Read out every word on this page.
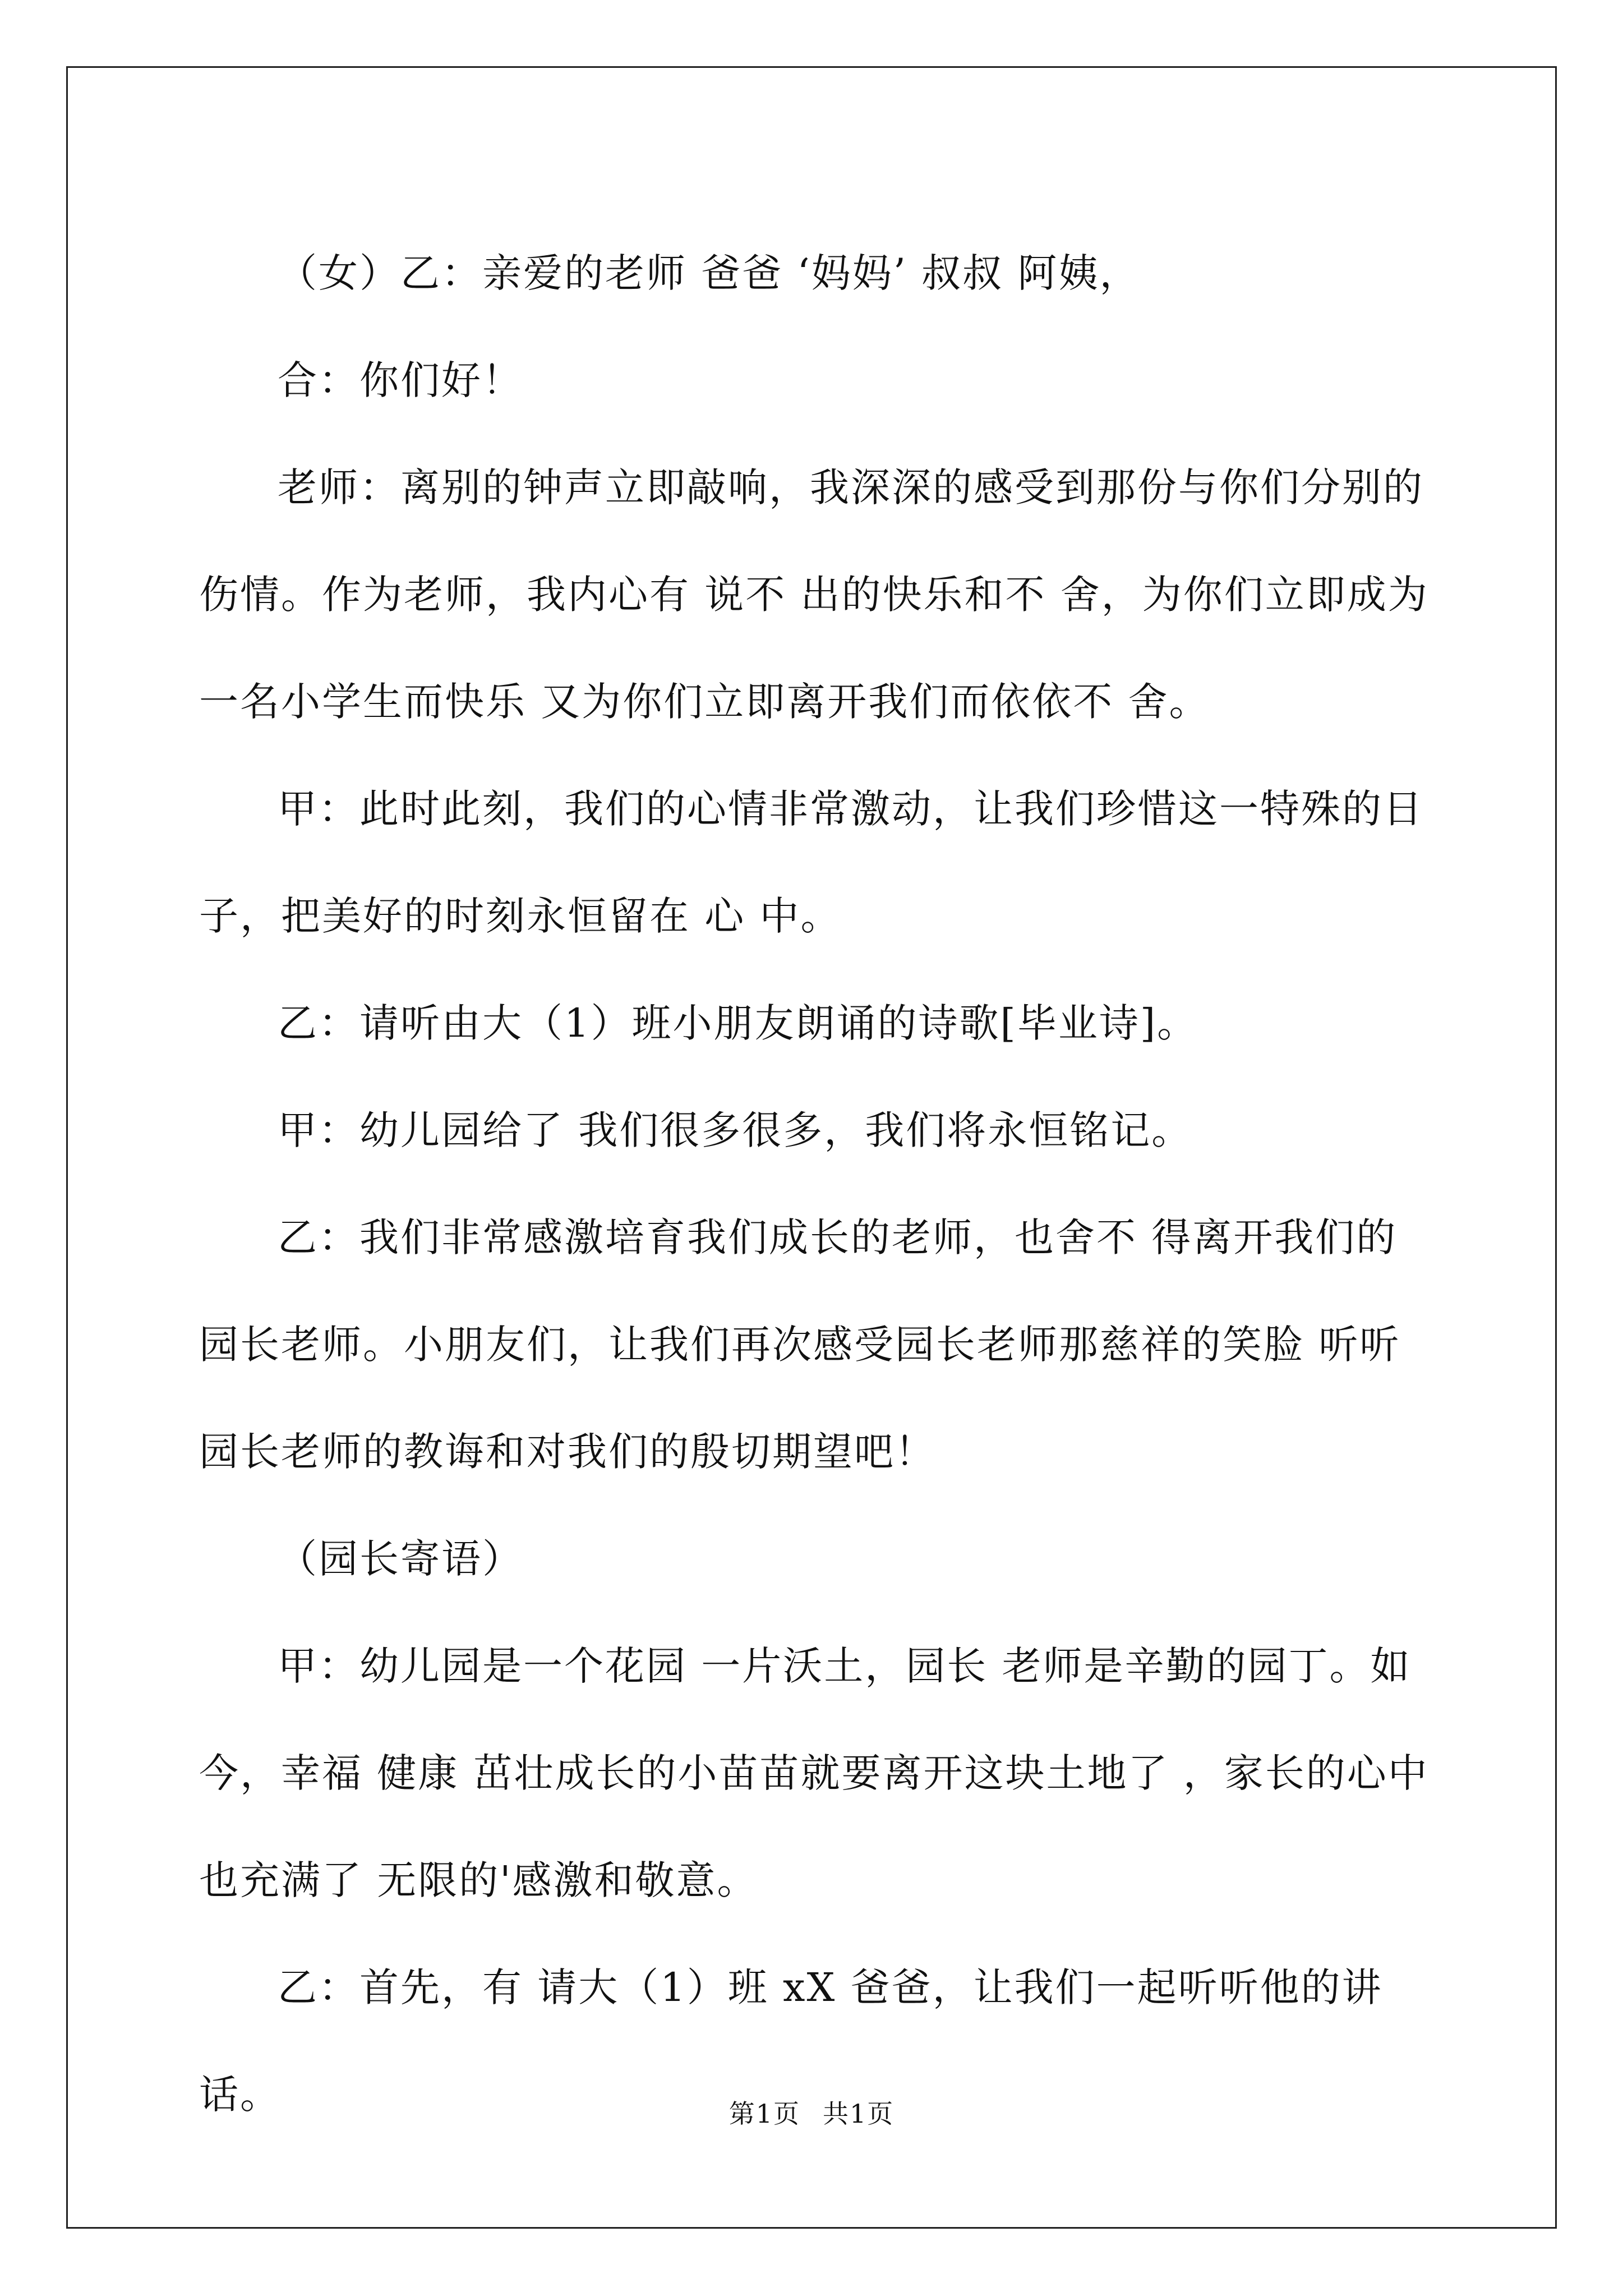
（女）乙：亲爱的老师 爸爸 ‘妈妈’ 叔叔 阿姨，

合：你们好！

老师：离别的钟声立即敲响，我深深的感受到那份与你们分别的伤情。作为老师，我内心有 说不 出的快乐和不 舍，为你们立即成为一名小学生而快乐 又为你们立即离开我们而依依不 舍。

甲：此时此刻，我们的心情非常激动，让我们珍惜这一特殊的日子，把美好的时刻永恒留在 心 中。

乙：请听由大（1）班小朋友朗诵的诗歌[毕业诗]。

甲：幼儿园给了 我们很多很多，我们将永恒铭记。

乙：我们非常感激培育我们成长的老师，也舍不 得离开我们的园长老师。小朋友们，让我们再次感受园长老师那慈祥的笑脸 听听园长老师的教诲和对我们的殷切期望吧！

（园长寄语）

甲：幼儿园是一个花园 一片沃土，园长 老师是辛勤的园丁。如今，幸福 健康 茁壮成长的小苗苗就要离开这块土地了 ，家长的心中也充满了 无限的'感激和敬意。

乙：首先，有 请大（1）班 xX 爸爸，让我们一起听听他的讲话。	第1页 共1页
